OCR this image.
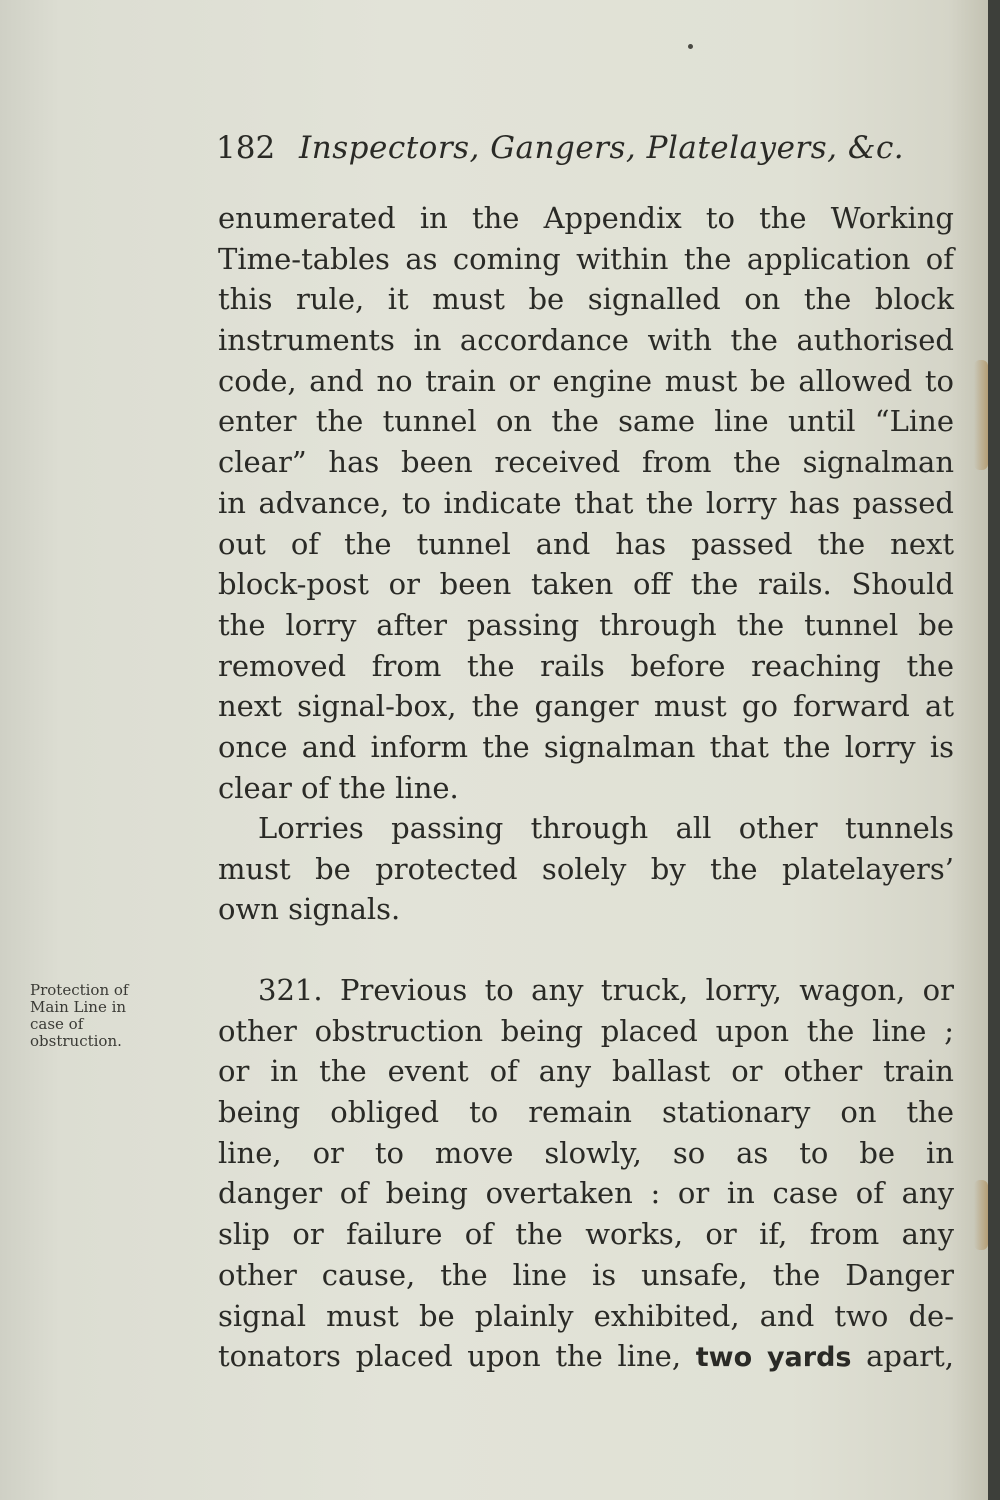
182 Inspectors, Gangers, Platelayers, &c.
enumerated in the Appendix to the Working
Time-tables as coming within the application of
this rule, it must be signalled on the block
instruments in accordance with the authorised
code, and no train or engine must be allowed to
enter the tunnel on the same line until “Line
clear” has been received from the signalman
in advance, to indicate that the lorry has passed
out of the tunnel and has passed the next
block-post or been taken off the rails. Should
the lorry after passing through the tunnel be
removed from the rails before reaching the
next signal-box, the ganger must go forward at
once and inform the signalman that the lorry is
clear of the line.
Lorries passing through all other tunnels
must be protected solely by the platelayers’
own signals.
Protection of
Main Line in
case of
obstruction.
321. Previous to any truck, lorry, wagon, or
other obstruction being placed upon the line ;
or in the event of any ballast or other train
being obliged to remain stationary on the
line, or to move slowly, so as to be in
danger of being overtaken : or in case of any
slip or failure of the works, or if, from any
other cause, the line is unsafe, the Danger
signal must be plainly exhibited, and two de-
tonators placed upon the line, two yards apart,
